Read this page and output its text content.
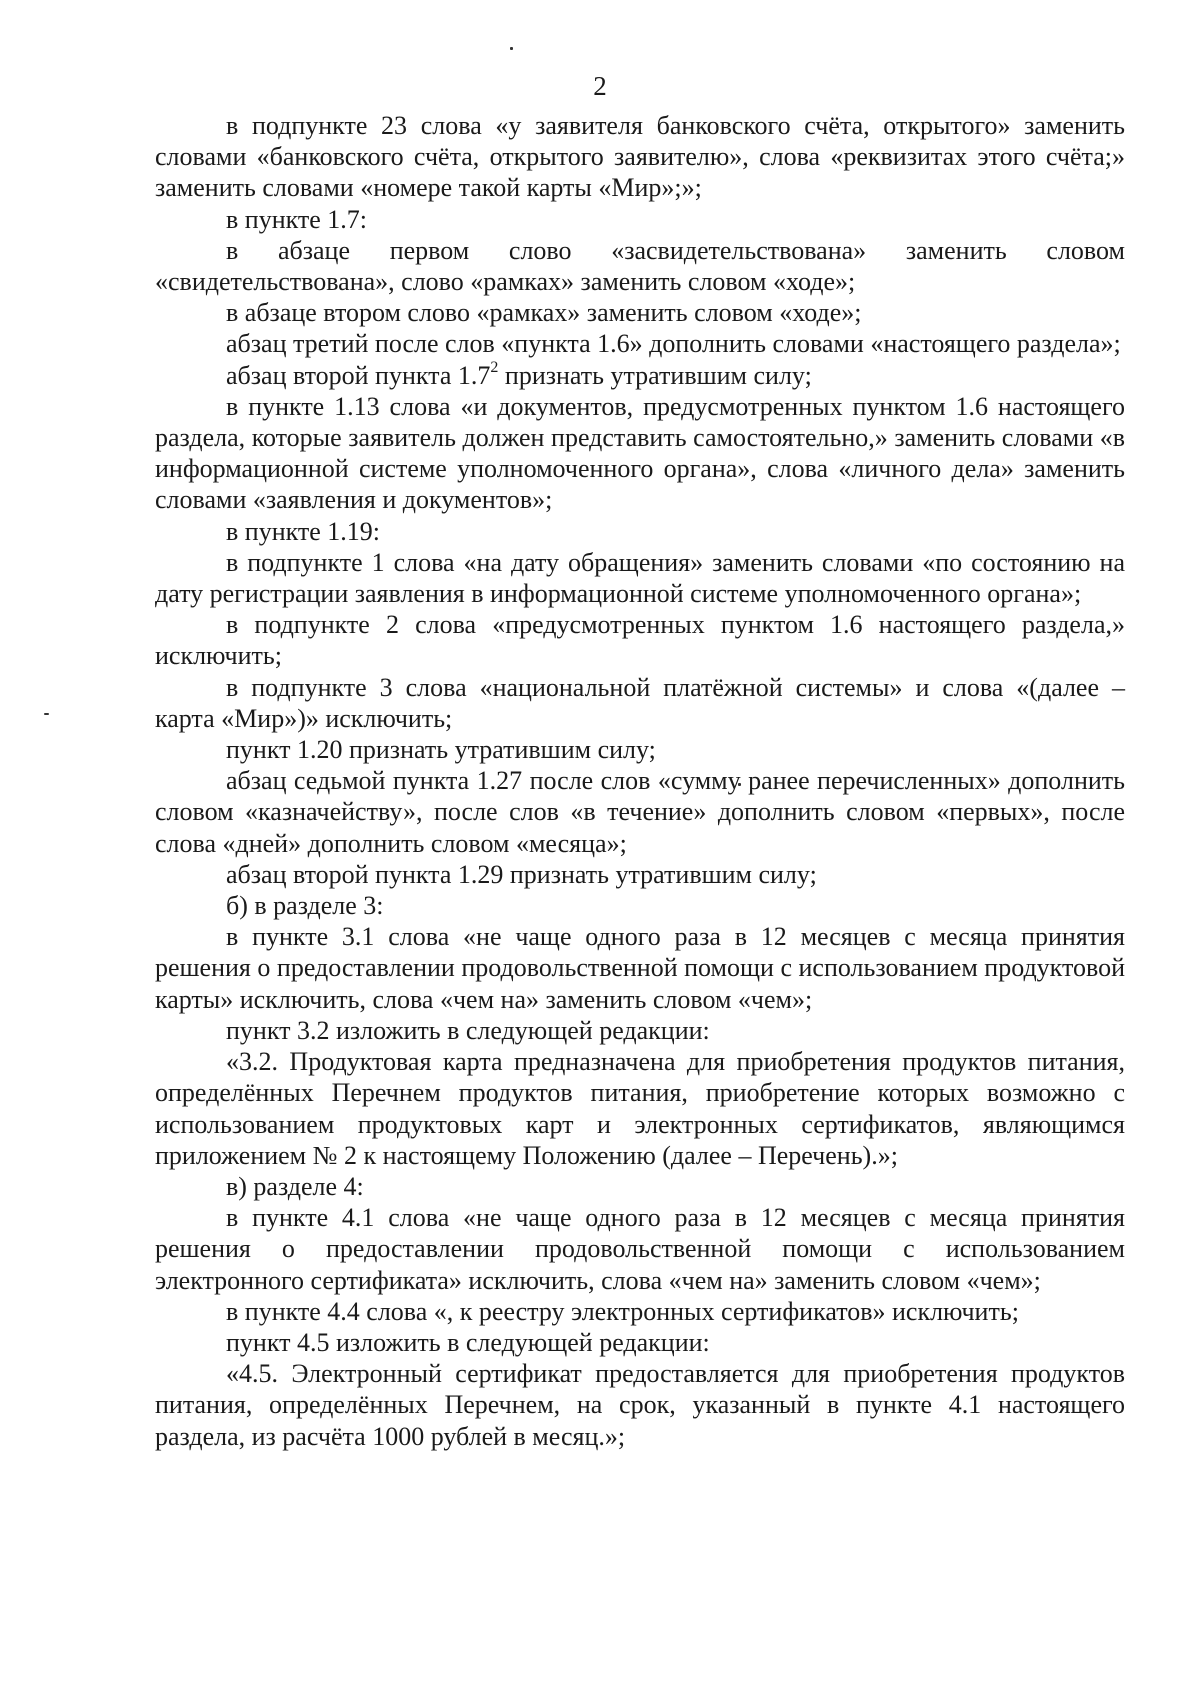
2

в подпункте 23 слова «у заявителя банковского счёта, открытого» заменить словами «банковского счёта, открытого заявителю», слова «реквизитах этого счёта;» заменить словами «номере такой карты «Мир»;»;

в пункте 1.7:

в абзаце первом слово «засвидетельствована» заменить словом «свидетельствована», слово «рамках» заменить словом «ходе»;

в абзаце втором слово «рамках» заменить словом «ходе»;

абзац третий после слов «пункта 1.6» дополнить словами «настоящего раздела»;

абзац второй пункта $1.7^2$ признать утратившим силу;

в пункте 1.13 слова «и документов, предусмотренных пунктом 1.6 настоящего раздела, которые заявитель должен представить самостоятельно,» заменить словами «в информационной системе уполномоченного органа», слова «личного дела» заменить словами «заявления и документов»;

в пункте 1.19:

в подпункте 1 слова «на дату обращения» заменить словами «по состоянию на дату регистрации заявления в информационной системе уполномоченного органа»;

в подпункте 2 слова «предусмотренных пунктом 1.6 настоящего раздела,» исключить;

в подпункте 3 слова «национальной платёжной системы» и слова «(далее – карта «Мир»)» исключить;

пункт 1.20 признать утратившим силу;

абзац седьмой пункта 1.27 после слов «сумму ранее перечисленных» дополнить словом «казначейству», после слов «в течение» дополнить словом «первых», после слова «дней» дополнить словом «месяца»;

абзац второй пункта 1.29 признать утратившим силу;

б) в разделе 3:

в пункте 3.1 слова «не чаще одного раза в 12 месяцев с месяца принятия решения о предоставлении продовольственной помощи с использованием продуктовой карты» исключить, слова «чем на» заменить словом «чем»;

пункт 3.2 изложить в следующей редакции:

«3.2. Продуктовая карта предназначена для приобретения продуктов питания, определённых Перечнем продуктов питания, приобретение которых возможно с использованием продуктовых карт и электронных сертификатов, являющимся приложением № 2 к настоящему Положению (далее – Перечень).»;

в) разделе 4:

в пункте 4.1 слова «не чаще одного раза в 12 месяцев с месяца принятия решения о предоставлении продовольственной помощи с использованием электронного сертификата» исключить, слова «чем на» заменить словом «чем»;

в пункте 4.4 слова «, к реестру электронных сертификатов» исключить;

пункт 4.5 изложить в следующей редакции:

«4.5. Электронный сертификат предоставляется для приобретения продуктов питания, определённых Перечнем, на срок, указанный в пункте 4.1 настоящего раздела, из расчёта 1000 рублей в месяц.»;
